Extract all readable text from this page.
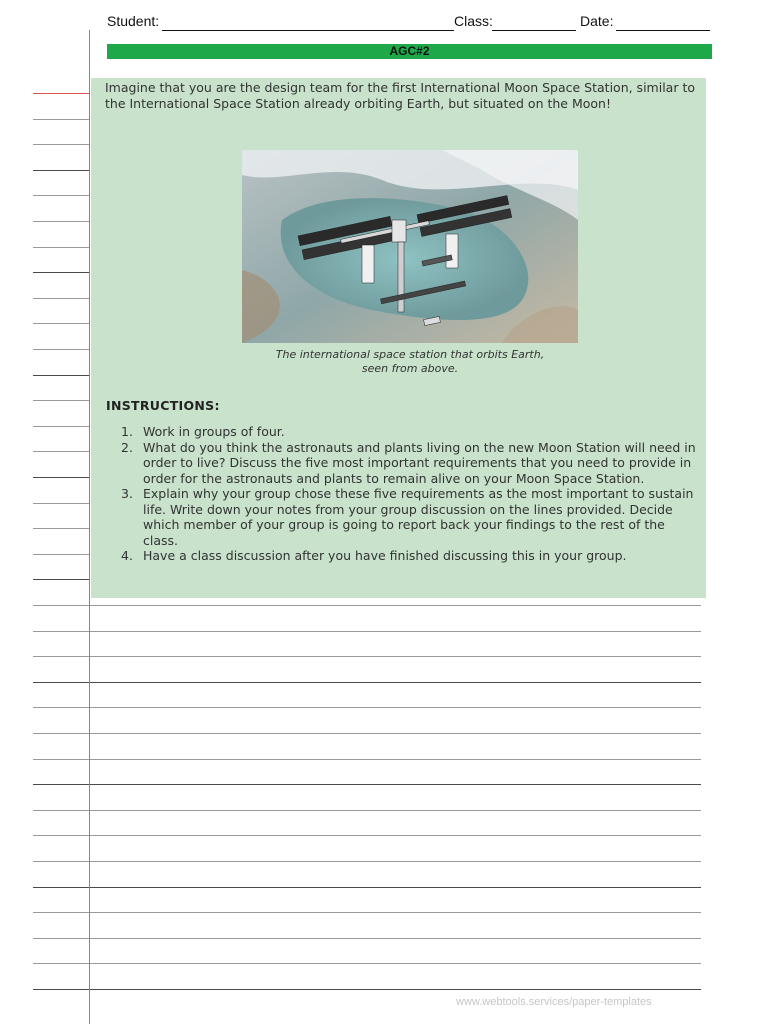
Student:	Class:	Date:
AGC#2

Imagine that you are the design team for the first International Moon Space Station, similar to the International Space Station already orbiting Earth, but situated on the Moon!

The international space station that orbits Earth,
seen from above.
INSTRUCTIONS:
1. Work in groups of four.
2. What do you think the astronauts and plants living on the new Moon Station will need in order to live? Discuss the five most important requirements that you need to provide in order for the astronauts and plants to remain alive on your Moon Space Station.
3. Explain why your group chose these five requirements as the most important to sustain life. Write down your notes from your group discussion on the lines provided. Decide which member of your group is going to report back your findings to the rest of the class.
4. Have a class discussion after you have finished discussing this in your group.
www.webtools.services/paper-templates
